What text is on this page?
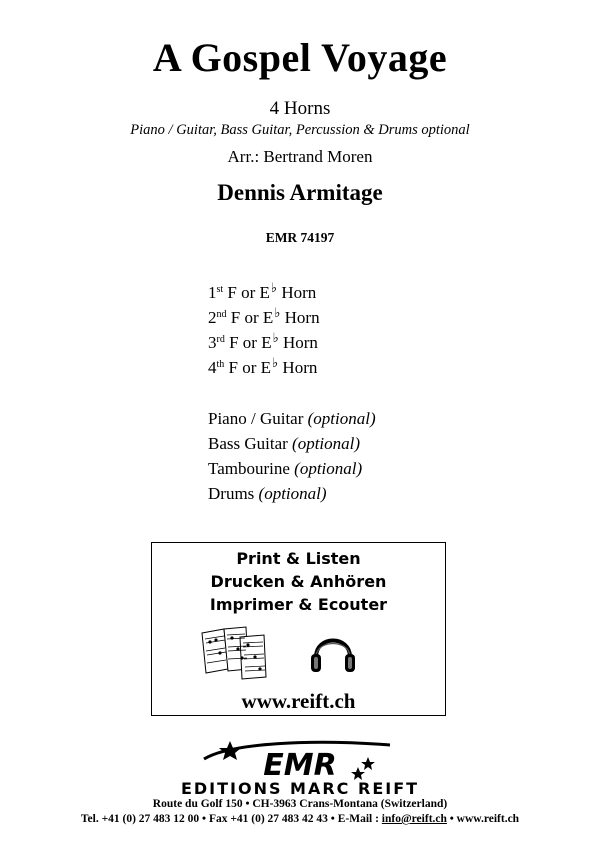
A Gospel Voyage
4 Horns
Piano / Guitar, Bass Guitar, Percussion & Drums optional
Arr.: Bertrand Moren
Dennis Armitage
EMR 74197
1st F or E♭ Horn
2nd F or E♭ Horn
3rd F or E♭ Horn
4th F or E♭ Horn
Piano / Guitar (optional)
Bass Guitar (optional)
Tambourine (optional)
Drums (optional)
Print & Listen
Drucken & Anhören
Imprimer & Ecouter
www.reift.ch
EMR
EDITIONS MARC REIFT
Route du Golf 150 • CH-3963 Crans-Montana (Switzerland)
Tel. +41 (0) 27 483 12 00 • Fax +41 (0) 27 483 42 43 • E-Mail : info@reift.ch • www.reift.ch
